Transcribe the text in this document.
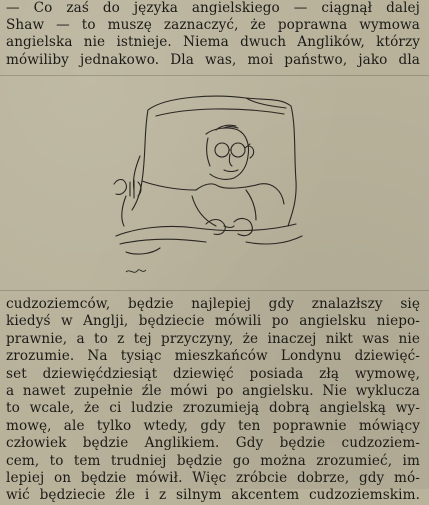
— Co zaś do języka angielskiego — ciągnął dalej
Shaw — to muszę zaznaczyć, że poprawna wymowa
angielska nie istnieje. Niema dwuch Anglików, którzy
mówiliby jednakowo. Dla was, moi państwo, jako dla
cudzoziemców, będzie najlepiej gdy znalazłszy się
kiedyś w Anglji, będziecie mówili po angielsku niepo-
prawnie, a to z tej przyczyny, że inaczej nikt was nie
zrozumie. Na tysiąc mieszkańców Londynu dziewięć-
set dziewięćdziesiąt dziewięć posiada złą wymowę,
a nawet zupełnie źle mówi po angielsku. Nie wyklucza
to wcale, że ci ludzie zrozumieją dobrą angielską wy-
mowę, ale tylko wtedy, gdy ten poprawnie mówiący
człowiek będzie Anglikiem. Gdy będzie cudzoziem-
cem, to tem trudniej będzie go można zrozumieć, im
lepiej on będzie mówił. Więc zróbcie dobrze, gdy mó-
wić będziecie źle i z silnym akcentem cudzoziemskim.
